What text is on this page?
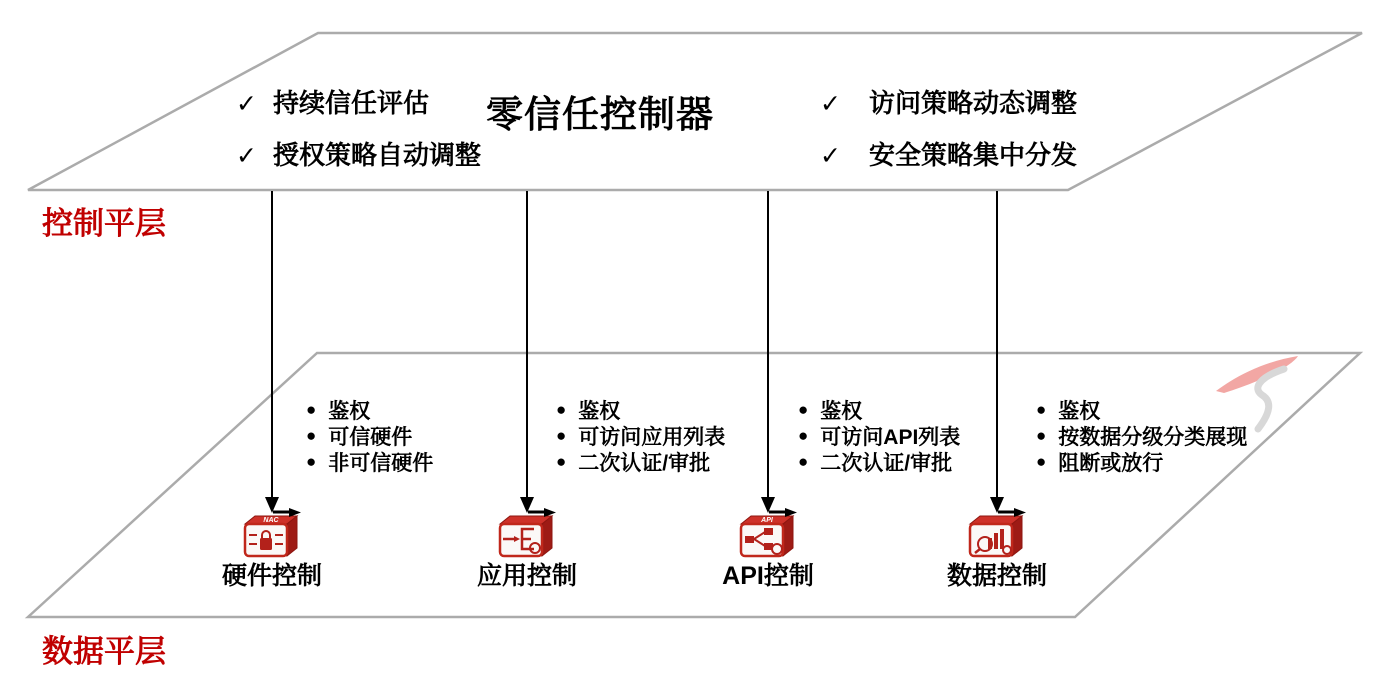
零信任控制器
✓ 持续信任评估
✓ 授权策略自动调整
✓ 访问策略动态调整
✓ 安全策略集中分发
控制平层
数据平层
● 鉴权
● 可信硬件
● 非可信硬件
● 鉴权
● 可访问应用列表
● 二次认证/审批
● 鉴权
● 可访问API列表
● 二次认证/审批
● 鉴权
● 按数据分级分类展现
● 阻断或放行
NAC	API
硬件控制	应用控制	API控制	数据控制
